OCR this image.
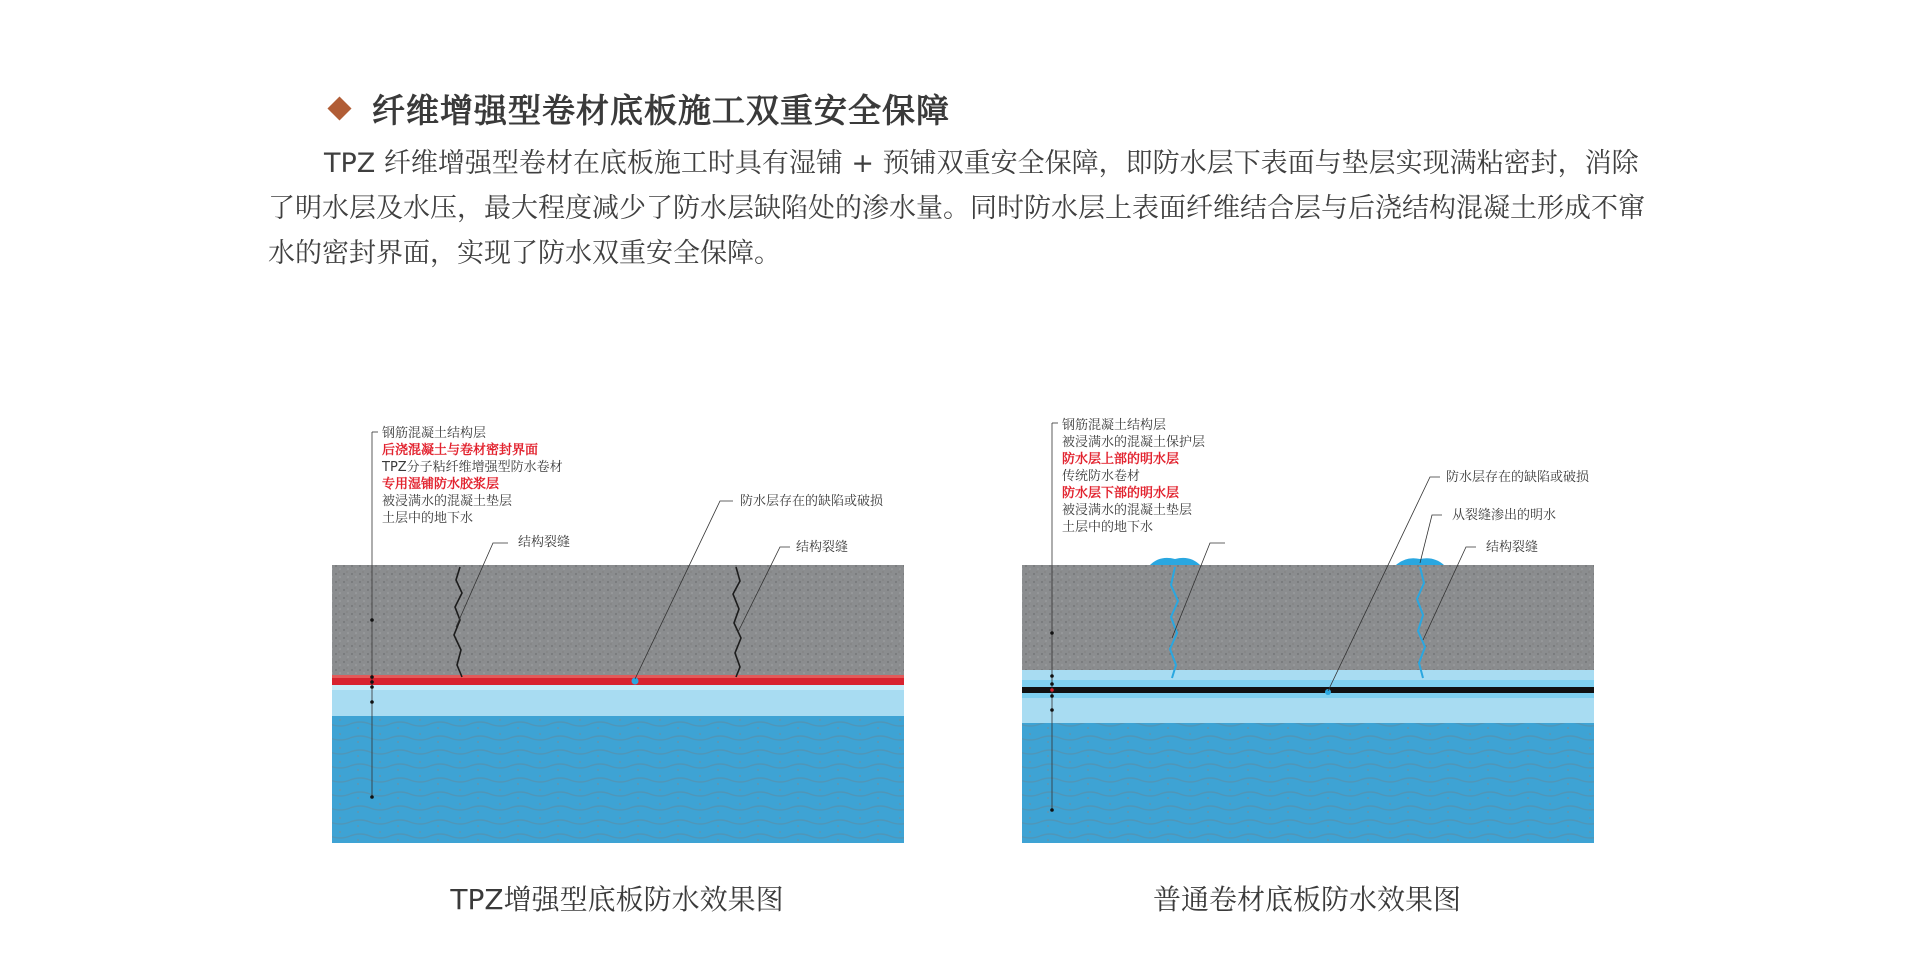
纤维增强型卷材底板施工双重安全保障

TPZ 纤维增强型卷材在底板施工时具有湿铺 + 预铺双重安全保障，即防水层下表面与垫层实现满粘密封，消除了明水层及水压，最大程度减少了防水层缺陷处的渗水量。同时防水层上表面纤维结合层与后浇结构混凝土形成不窜水的密封界面，实现了防水双重安全保障。

钢筋混凝土结构层
后浇混凝土与卷材密封界面
TPZ分子粘纤维增强型防水卷材
专用湿铺防水胶浆层
被浸满水的混凝土垫层
土层中的地下水
结构裂缝
防水层存在的缺陷或破损
结构裂缝
钢筋混凝土结构层
被浸满水的混凝土保护层
防水层上部的明水层
传统防水卷材
防水层下部的明水层
被浸满水的混凝土垫层
土层中的地下水
防水层存在的缺陷或破损
从裂缝渗出的明水
结构裂缝
TPZ增强型底板防水效果图	普通卷材底板防水效果图
